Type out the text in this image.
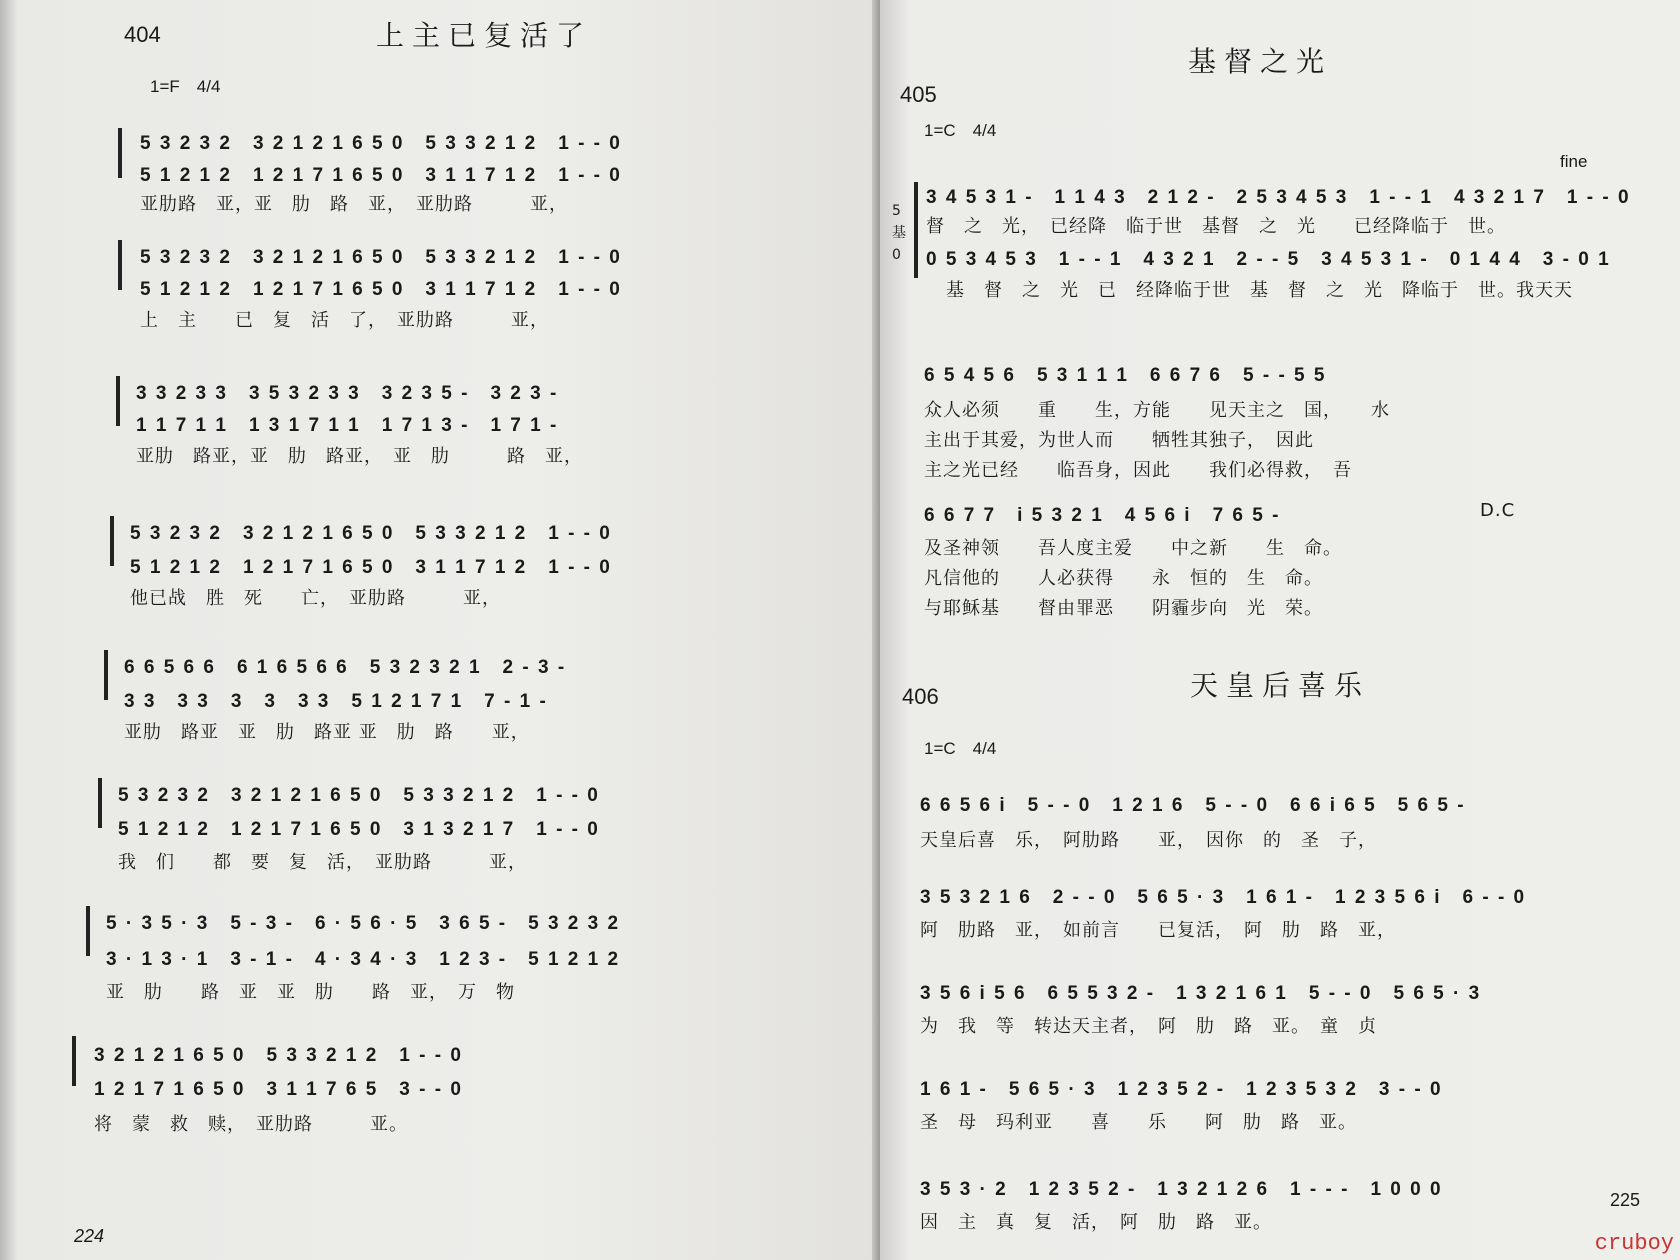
404	上主已复活了
1=F　4/4
5 3 2 3 2　3 2 1 2 1 6 5 0　5 3 3 2 1 2　1 - - 0
5 1 2 1 2　1 2 1 7 1 6 5 0　3 1 1 7 1 2　1 - - 0
亚肋路　亚，亚　肋　路　亚，　亚肋路　　　亚，
5 3 2 3 2　3 2 1 2 1 6 5 0　5 3 3 2 1 2　1 - - 0
5 1 2 1 2　1 2 1 7 1 6 5 0　3 1 1 7 1 2　1 - - 0
上　主　　已　复　活　了，　亚肋路　　　亚，
3 3 2 3 3　3 5 3 2 3 3　3 2 3 5 -　3 2 3 -
1 1 7 1 1　1 3 1 7 1 1　1 7 1 3 -　1 7 1 -
亚肋　路亚，亚　肋　路亚，　亚　肋　　　路　亚，
5 3 2 3 2　3 2 1 2 1 6 5 0　5 3 3 2 1 2　1 - - 0
5 1 2 1 2　1 2 1 7 1 6 5 0　3 1 1 7 1 2　1 - - 0
他已战　胜　死　　亡，　亚肋路　　　亚，
6 6 5 6 6　6 1 6 5 6 6　5 3 2 3 2 1　2 - 3 -
3 3　3 3　3　3　3 3　5 1 2 1 7 1　7 - 1 -
亚肋　路亚　亚　肋　路亚 亚　肋　路　　亚，
5 3 2 3 2　3 2 1 2 1 6 5 0　5 3 3 2 1 2　1 - - 0
5 1 2 1 2　1 2 1 7 1 6 5 0　3 1 3 2 1 7　1 - - 0
我　们　　都　要　复　活，　亚肋路　　　亚，
5 · 3 5 · 3　5 - 3 -　6 · 5 6 · 5　3 6 5 -　5 3 2 3 2
3 · 1 3 · 1　3 - 1 -　4 · 3 4 · 3　1 2 3 -　5 1 2 1 2
亚　肋　　路　亚　亚　肋　　路　亚，　万　物
3 2 1 2 1 6 5 0　5 3 3 2 1 2　1 - - 0
1 2 1 7 1 6 5 0　3 1 1 7 6 5　3 - - 0
将　蒙　救　赎，　亚肋路　　　亚。
224
基督之光
405
1=C　4/4
fine
5 基 0
3 4 5 3 1 -　1 1 4 3　2 1 2 -　2 5 3 4 5 3　1 - - 1　4 3 2 1 7　1 - - 0
督　之　光，　已经降　临于世　基督　之　光　　已经降临于　世。
0 5 3 4 5 3　1 - - 1　4 3 2 1　2 - - 5　3 4 5 3 1 -　0 1 4 4　3 - 0 1
基　督　之　光　已　经降临于世　基　督　之　光　降临于　世。我天天
6 5 4 5 6　5 3 1 1 1　6 6 7 6　5 - - 5 5
众人必须　　重　　生，方能　　见天主之　国，　　水
主出于其爱，为世人而　　牺牲其独子，　因此
主之光已经　　临吾身，因此　　我们必得救，　吾
6 6 7 7　i 5 3 2 1　4 5 6 i　7 6 5 -	D.C
及圣神领　　吾人度主爱　　中之新　　生　命。
凡信他的　　人必获得　　永　恒的　生　命。
与耶稣基　　督由罪恶　　阴霾步向　光　荣。
天皇后喜乐
406
1=C　4/4
6 6 5 6 i　5 - - 0　1 2 1 6　5 - - 0　6 6 i 6 5　5 6 5 -
天皇后喜　乐，　阿肋路　　亚，　因你　的　圣　子，
3 5 3 2 1 6　2 - - 0　5 6 5 · 3　1 6 1 -　1 2 3 5 6 i　6 - - 0
阿　肋路　亚，　如前言　　已复活，　阿　肋　路　亚，
3 5 6 i 5 6　6 5 5 3 2 -　1 3 2 1 6 1　5 - - 0　5 6 5 · 3
为　我　等　转达天主者，　阿　肋　路　亚。　童　贞
1 6 1 -　5 6 5 · 3　1 2 3 5 2 -　1 2 3 5 3 2　3 - - 0
圣　母　玛利亚　　喜　　乐　　阿　肋　路　亚。
3 5 3 · 2　1 2 3 5 2 -　1 3 2 1 2 6　1 - - -　1 0 0 0
因　主　真　复　活，　阿　肋　路　亚。
225
cruboy
